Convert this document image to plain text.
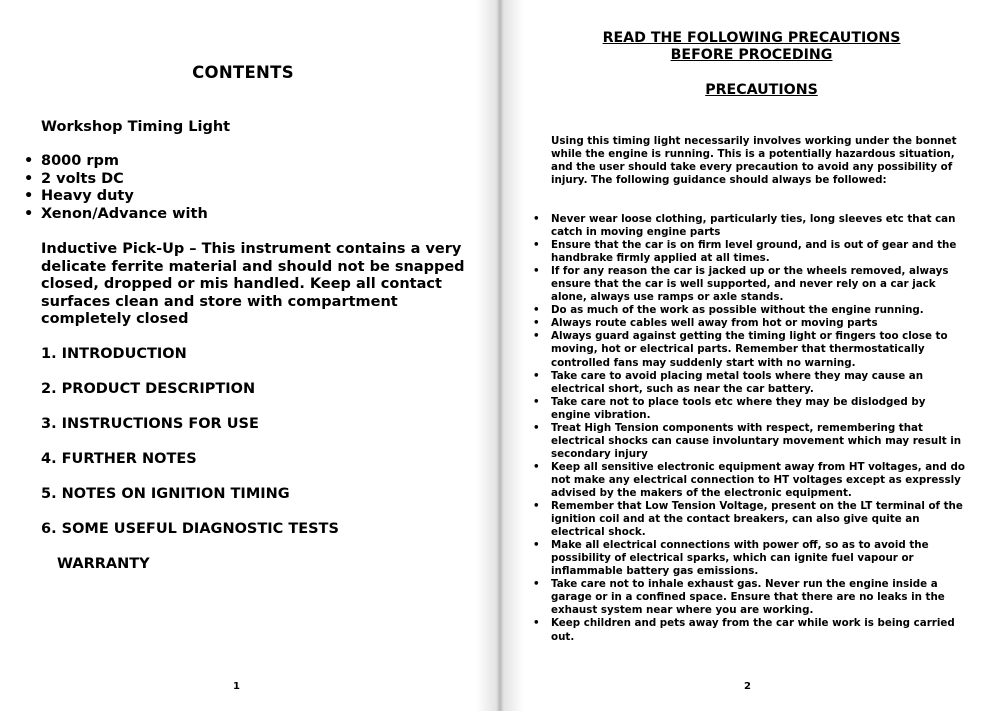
CONTENTS
Workshop Timing Light
• 8000 rpm
• 2 volts DC
• Heavy duty
• Xenon/Advance with
Inductive Pick-Up – This instrument contains a very delicate ferrite material and should not be snapped closed, dropped or mis handled. Keep all contact surfaces clean and store with compartment completely closed
1. INTRODUCTION
2. PRODUCT DESCRIPTION
3. INSTRUCTIONS FOR USE
4. FURTHER NOTES
5. NOTES ON IGNITION TIMING
6. SOME USEFUL DIAGNOSTIC TESTS
WARRANTY
1
READ THE FOLLOWING PRECAUTIONS
BEFORE PROCEDING
PRECAUTIONS
Using this timing light necessarily involves working under the bonnet while the engine is running. This is a potentially hazardous situation, and the user should take every precaution to avoid any possibility of injury. The following guidance should always be followed:
• Never wear loose clothing, particularly ties, long sleeves etc that can catch in moving engine parts
• Ensure that the car is on firm level ground, and is out of gear and the handbrake firmly applied at all times.
• If for any reason the car is jacked up or the wheels removed, always ensure that the car is well supported, and never rely on a car jack alone, always use ramps or axle stands.
• Do as much of the work as possible without the engine running.
• Always route cables well away from hot or moving parts
• Always guard against getting the timing light or fingers too close to moving, hot or electrical parts. Remember that thermostatically controlled fans may suddenly start with no warning.
• Take care to avoid placing metal tools where they may cause an electrical short, such as near the car battery.
• Take care not to place tools etc where they may be dislodged by engine vibration.
• Treat High Tension components with respect, remembering that electrical shocks can cause involuntary movement which may result in secondary injury
• Keep all sensitive electronic equipment away from HT voltages, and do not make any electrical connection to HT voltages except as expressly advised by the makers of the electronic equipment.
• Remember that Low Tension Voltage, present on the LT terminal of the ignition coil and at the contact breakers, can also give quite an electrical shock.
• Make all electrical connections with power off, so as to avoid the possibility of electrical sparks, which can ignite fuel vapour or inflammable battery gas emissions.
• Take care not to inhale exhaust gas. Never run the engine inside a garage or in a confined space. Ensure that there are no leaks in the exhaust system near where you are working.
• Keep children and pets away from the car while work is being carried out.
2
